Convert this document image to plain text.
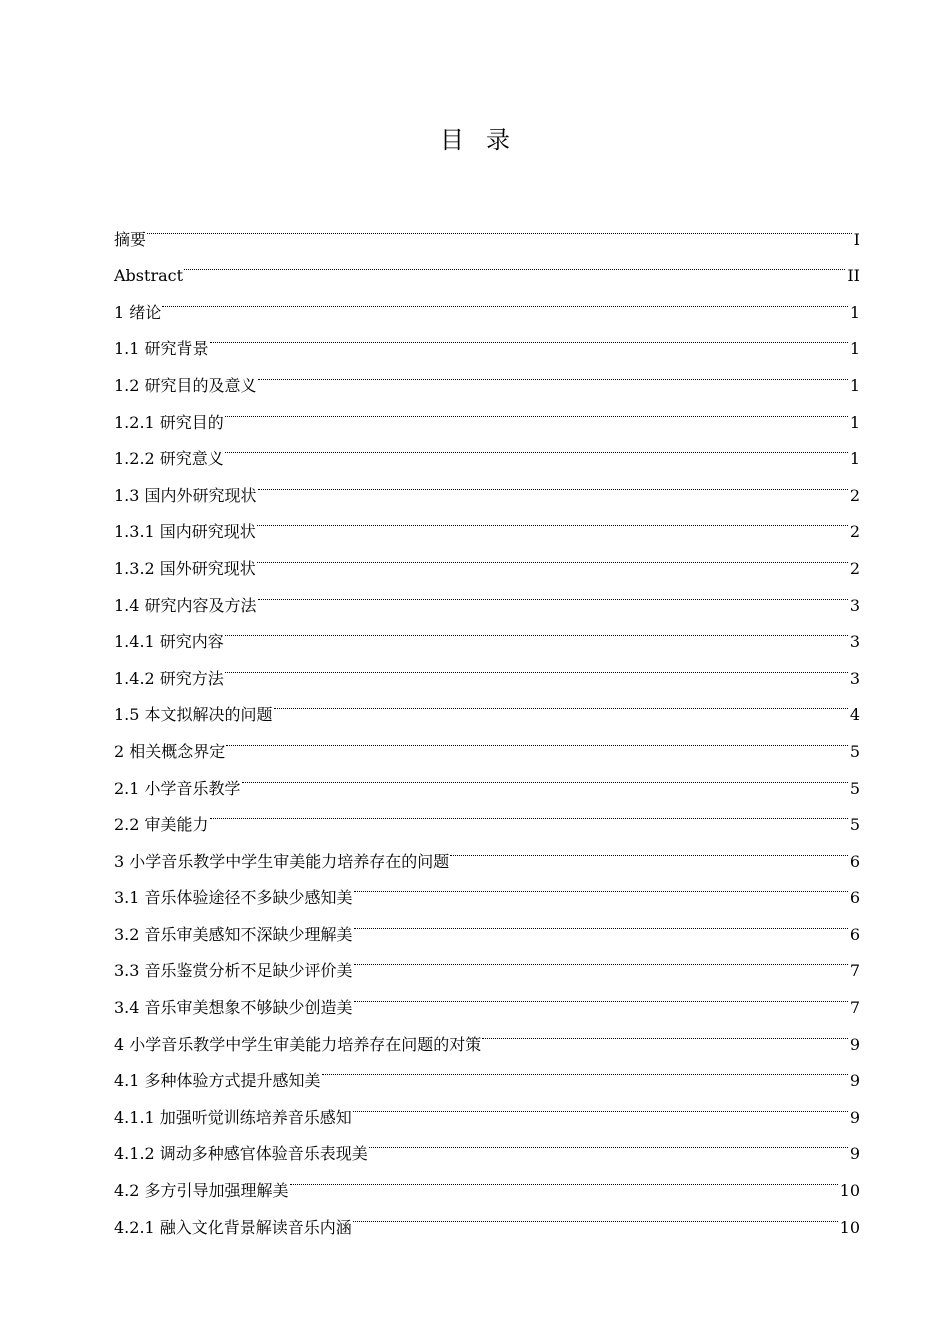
目录
摘要	I
Abstract	II
1 绪论	1
1.1 研究背景	1
1.2 研究目的及意义	1
1.2.1 研究目的	1
1.2.2 研究意义	1
1.3 国内外研究现状	2
1.3.1 国内研究现状	2
1.3.2 国外研究现状	2
1.4 研究内容及方法	3
1.4.1 研究内容	3
1.4.2 研究方法	3
1.5 本文拟解决的问题	4
2 相关概念界定	5
2.1 小学音乐教学	5
2.2 审美能力	5
3 小学音乐教学中学生审美能力培养存在的问题	6
3.1 音乐体验途径不多缺少感知美	6
3.2 音乐审美感知不深缺少理解美	6
3.3 音乐鉴赏分析不足缺少评价美	7
3.4 音乐审美想象不够缺少创造美	7
4 小学音乐教学中学生审美能力培养存在问题的对策	9
4.1 多种体验方式提升感知美	9
4.1.1 加强听觉训练培养音乐感知	9
4.1.2 调动多种感官体验音乐表现美	9
4.2 多方引导加强理解美	10
4.2.1 融入文化背景解读音乐内涵	10
